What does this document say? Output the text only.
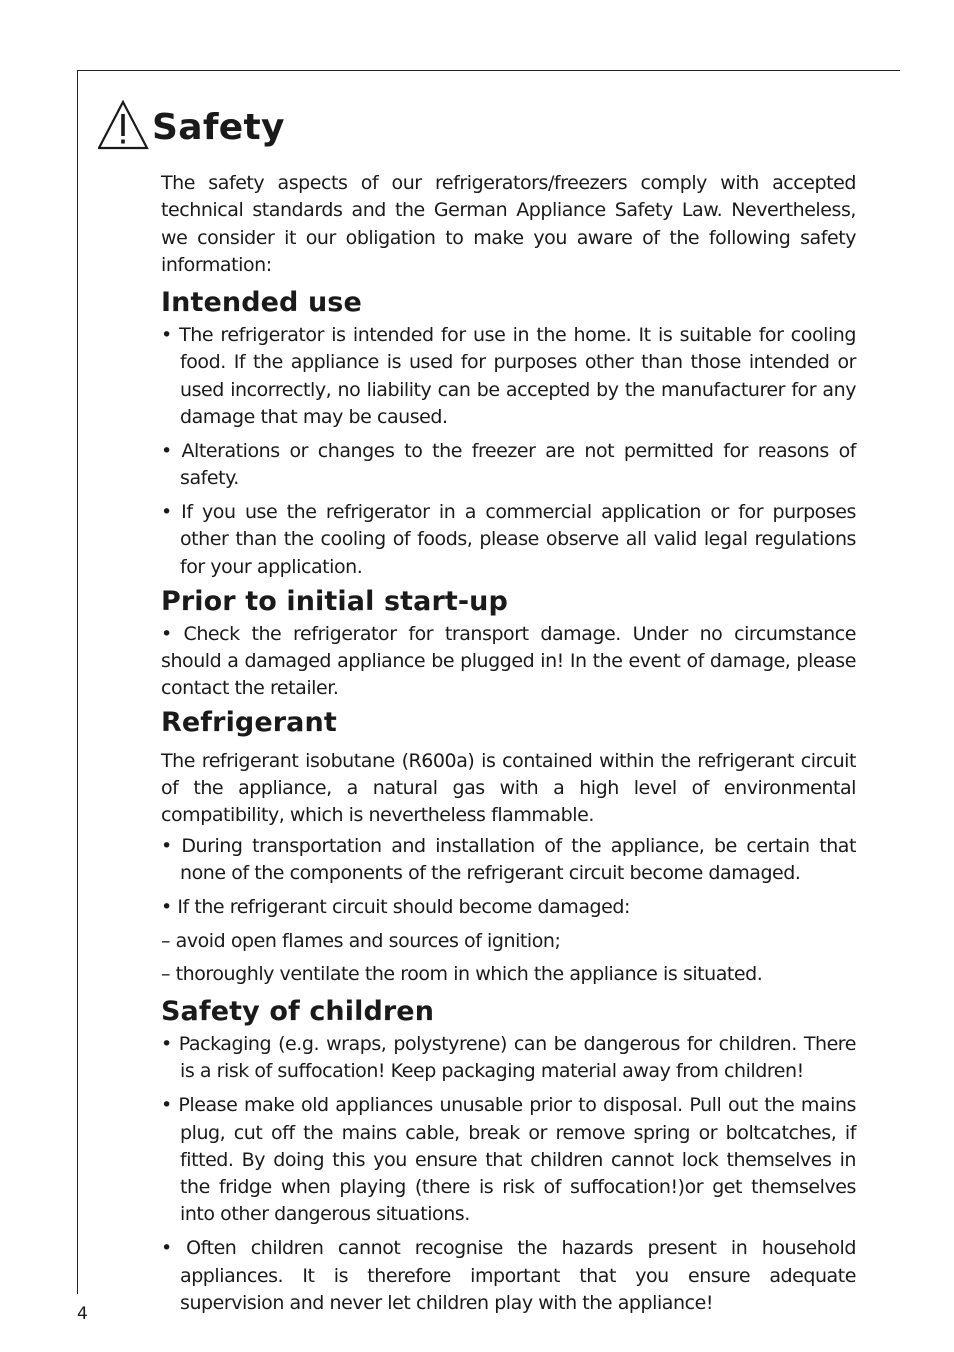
Safety

The safety aspects of our refrigerators/freezers comply with accepted technical standards and the German Appliance Safety Law. Nevertheless, we consider it our obligation to make you aware of the following safety information:

Intended use

• The refrigerator is intended for use in the home. It is suitable for cooling food. If the appliance is used for purposes other than those intended or used incorrectly, no liability can be accepted by the manufacturer for any damage that may be caused.

• Alterations or changes to the freezer are not permitted for reasons of safety.

• If you use the refrigerator in a commercial application or for purposes other than the cooling of foods, please observe all valid legal regulations for your application.

Prior to initial start-up

• Check the refrigerator for transport damage. Under no circumstance should a damaged appliance be plugged in! In the event of damage, please contact the retailer.

Refrigerant

The refrigerant isobutane (R600a) is contained within the refrigerant circuit of the appliance, a natural gas with a high level of environmental compatibility, which is nevertheless flammable.

• During transportation and installation of the appliance, be certain that none of the components of the refrigerant circuit become damaged.

• If the refrigerant circuit should become damaged:

– avoid open flames and sources of ignition;

– thoroughly ventilate the room in which the appliance is situated.

Safety of children

• Packaging (e.g. wraps, polystyrene) can be dangerous for children. There is a risk of suffocation! Keep packaging material away from children!

• Please make old appliances unusable prior to disposal. Pull out the mains plug, cut off the mains cable, break or remove spring or boltcatches, if fitted. By doing this you ensure that children cannot lock themselves in the fridge when playing (there is risk of suffocation!)or get themselves into other dangerous situations.

• Often children cannot recognise the hazards present in household appliances. It is therefore important that you ensure adequate supervision and never let children play with the appliance!

4
